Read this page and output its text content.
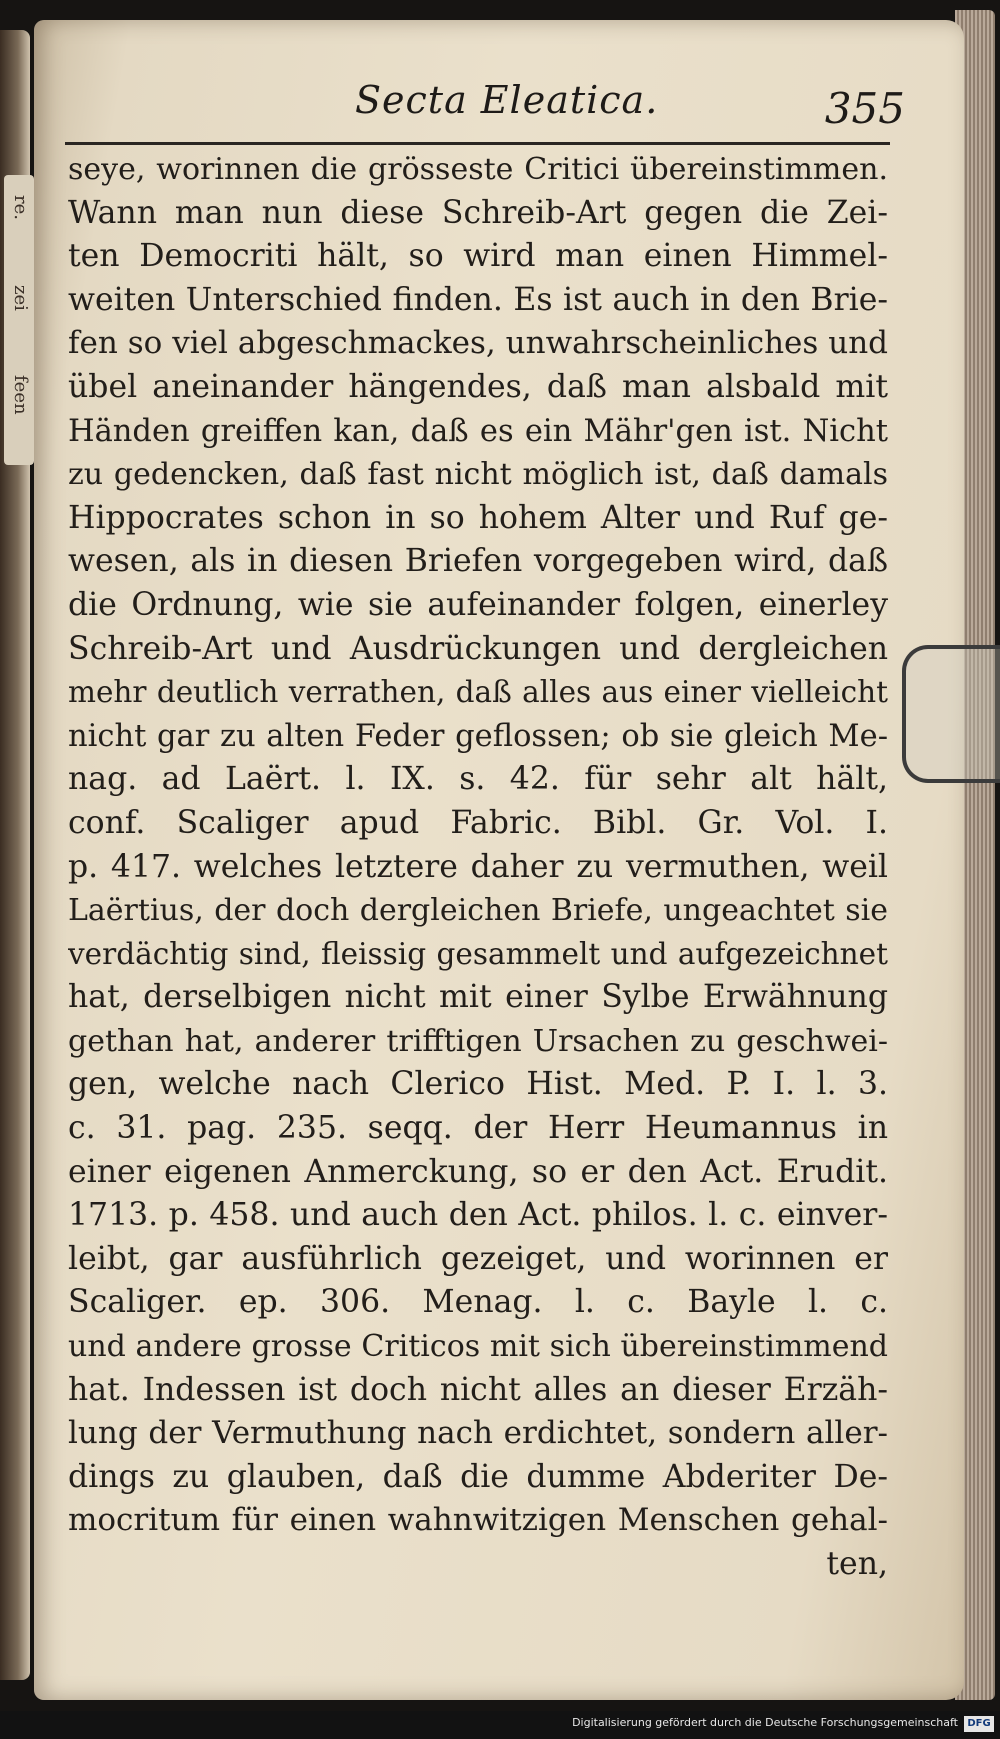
re.
zei
feen
Secta Eleatica.	355
seye, worinnen die grösseste Critici übereinstimmen.
Wann man nun diese Schreib-Art gegen die Zei-
ten Democriti hält, so wird man einen Himmel-
weiten Unterschied finden. Es ist auch in den Brie-
fen so viel abgeschmackes, unwahrscheinliches und
übel aneinander hängendes, daß man alsbald mit
Händen greiffen kan, daß es ein Mähr'gen ist. Nicht
zu gedencken, daß fast nicht möglich ist, daß damals
Hippocrates schon in so hohem Alter und Ruf ge-
wesen, als in diesen Briefen vorgegeben wird, daß
die Ordnung, wie sie aufeinander folgen, einerley
Schreib-Art und Ausdrückungen und dergleichen
mehr deutlich verrathen, daß alles aus einer vielleicht
nicht gar zu alten Feder geflossen; ob sie gleich Me-
nag. ad Laërt. l. IX. s. 42. für sehr alt hält,
conf. Scaliger apud Fabric. Bibl. Gr. Vol. I.
p. 417. welches letztere daher zu vermuthen, weil
Laërtius, der doch dergleichen Briefe, ungeachtet sie
verdächtig sind, fleissig gesammelt und aufgezeichnet
hat, derselbigen nicht mit einer Sylbe Erwähnung
gethan hat, anderer trifftigen Ursachen zu geschwei-
gen, welche nach Clerico Hist. Med. P. I. l. 3.
c. 31. pag. 235. seqq. der Herr Heumannus in
einer eigenen Anmerckung, so er den Act. Erudit.
1713. p. 458. und auch den Act. philos. l. c. einver-
leibt, gar ausführlich gezeiget, und worinnen er
Scaliger. ep. 306. Menag. l. c. Bayle l. c.
und andere grosse Criticos mit sich übereinstimmend
hat. Indessen ist doch nicht alles an dieser Erzäh-
lung der Vermuthung nach erdichtet, sondern aller-
dings zu glauben, daß die dumme Abderiter De-
mocritum für einen wahnwitzigen Menschen gehal-
ten,
Digitalisierung gefördert durch die Deutsche Forschungsgemeinschaft DFG
